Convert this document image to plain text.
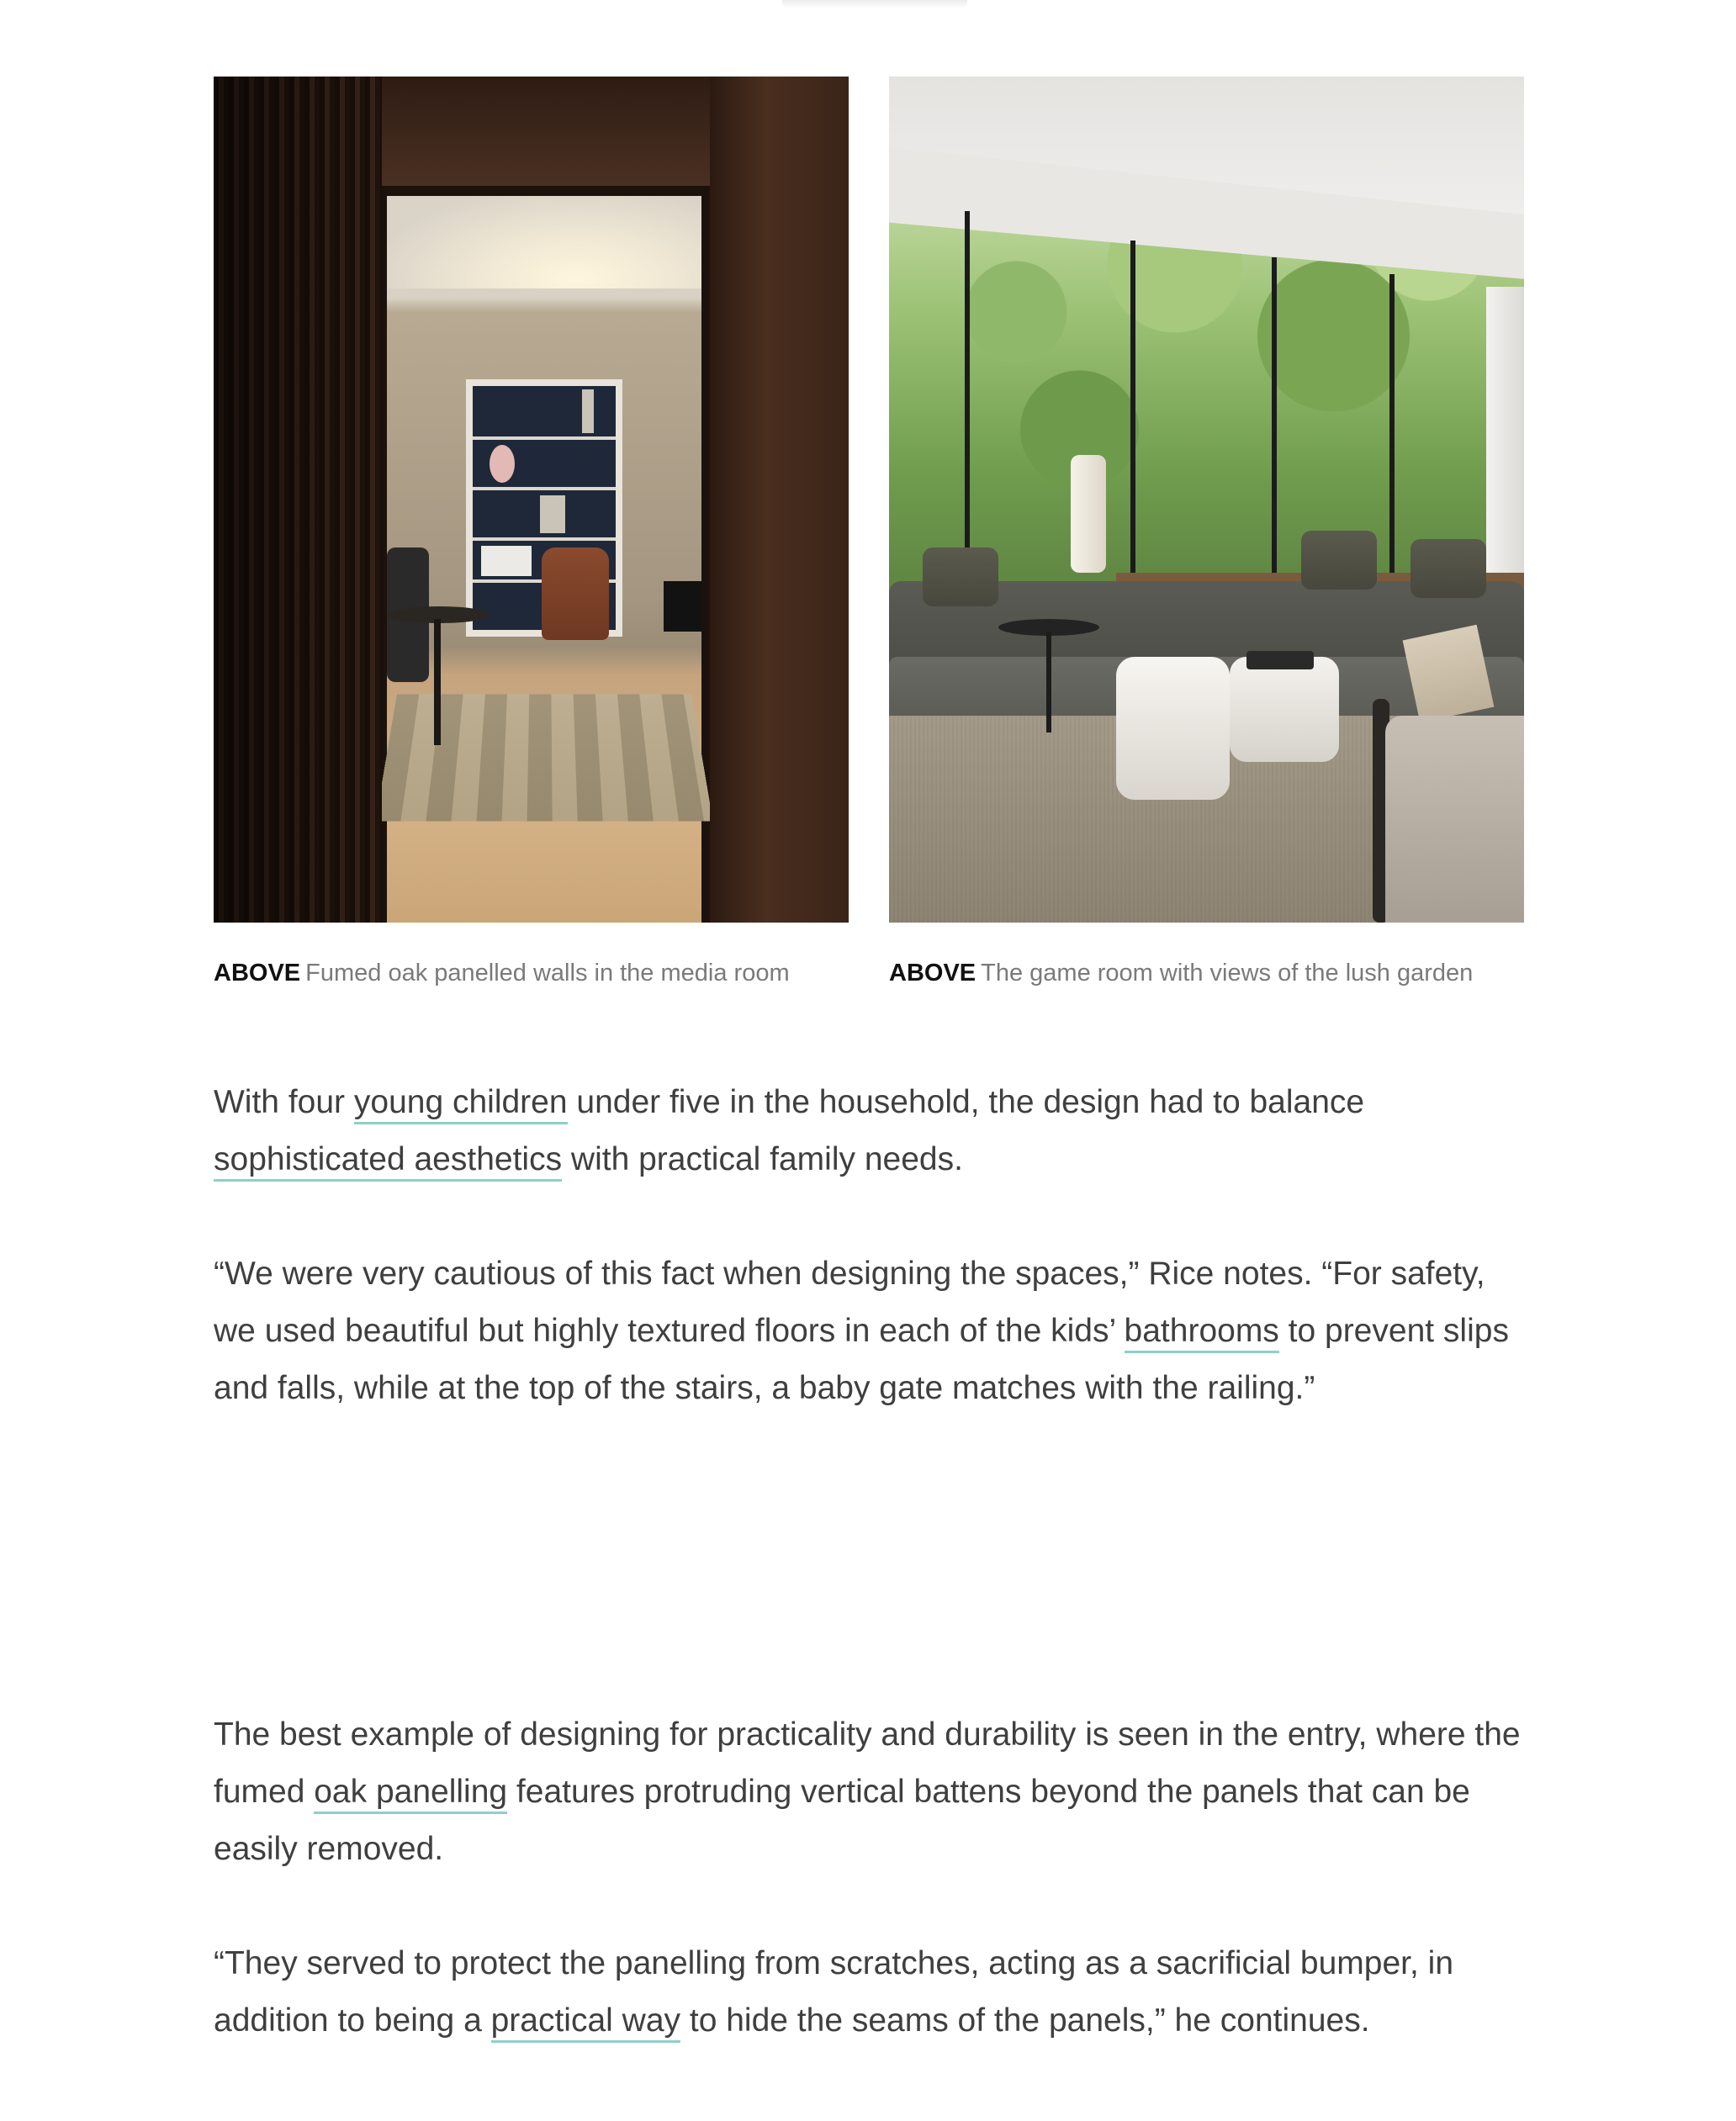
ABOVE Fumed oak panelled walls in the media room	ABOVE The game room with views of the lush garden

With four young children under five in the household, the design had to balance sophisticated aesthetics with practical family needs.

“We were very cautious of this fact when designing the spaces,” Rice notes. “For safety, we used beautiful but highly textured floors in each of the kids’ bathrooms to prevent slips and falls, while at the top of the stairs, a baby gate matches with the railing.”

The best example of designing for practicality and durability is seen in the entry, where the fumed oak panelling features protruding vertical battens beyond the panels that can be easily removed.

“They served to protect the panelling from scratches, acting as a sacrificial bumper, in addition to being a practical way to hide the seams of the panels,” he continues.
